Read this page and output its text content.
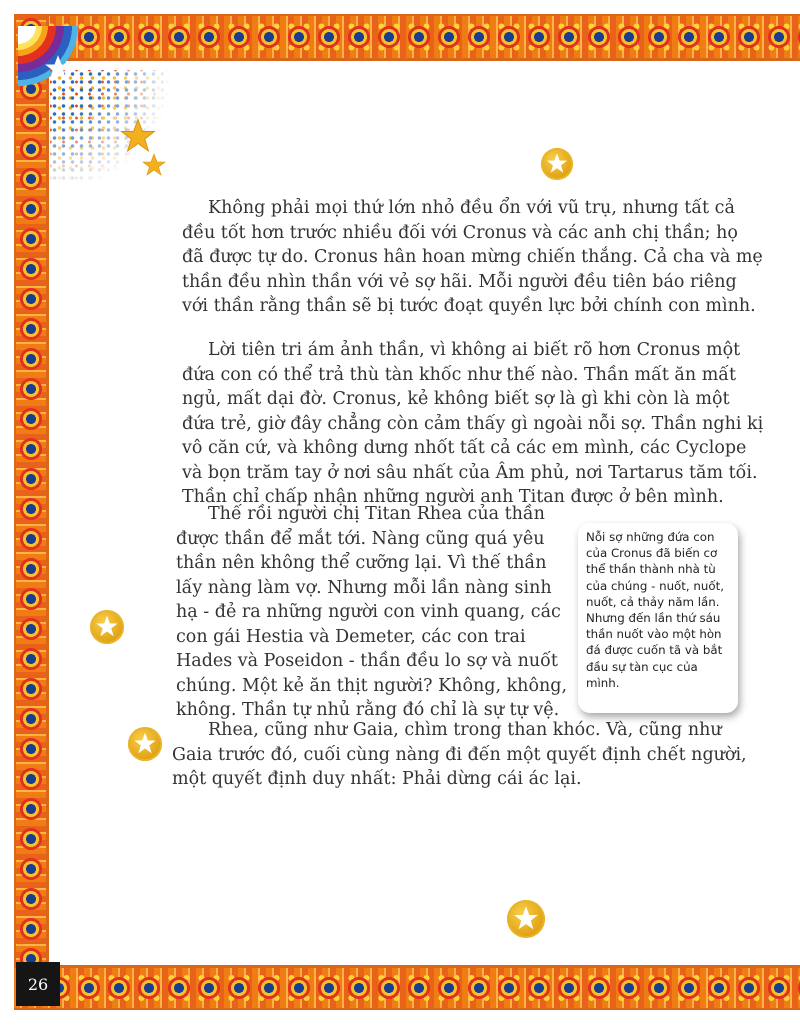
Không phải mọi thứ lớn nhỏ đều ổn với vũ trụ, nhưng tất cả đều tốt hơn trước nhiều đối với Cronus và các anh chị thần; họ đã được tự do. Cronus hân hoan mừng chiến thắng. Cả cha và mẹ thần đều nhìn thần với vẻ sợ hãi. Mỗi người đều tiên báo riêng với thần rằng thần sẽ bị tước đoạt quyền lực bởi chính con mình.

Lời tiên tri ám ảnh thần, vì không ai biết rõ hơn Cronus một đứa con có thể trả thù tàn khốc như thế nào. Thần mất ăn mất ngủ, mất dại đờ. Cronus, kẻ không biết sợ là gì khi còn là một đứa trẻ, giờ đây chẳng còn cảm thấy gì ngoài nỗi sợ. Thần nghi kị vô căn cứ, và không dưng nhốt tất cả các em mình, các Cyclope và bọn trăm tay ở nơi sâu nhất của Âm phủ, nơi Tartarus tăm tối. Thần chỉ chấp nhận những người anh Titan được ở bên mình.

Thế rồi người chị Titan Rhea của thần được thần để mắt tới. Nàng cũng quá yêu thần nên không thể cưỡng lại. Vì thế thần lấy nàng làm vợ. Nhưng mỗi lần nàng sinh hạ - đẻ ra những người con vinh quang, các con gái Hestia và Demeter, các con trai Hades và Poseidon - thần đều lo sợ và nuốt chúng. Một kẻ ăn thịt người? Không, không, không. Thần tự nhủ rằng đó chỉ là sự tự vệ.

Rhea, cũng như Gaia, chìm trong than khóc. Và, cũng như Gaia trước đó, cuối cùng nàng đi đến một quyết định chết người, một quyết định duy nhất: Phải dừng cái ác lại.

Nỗi sợ những đứa con của Cronus đã biến cơ thể thần thành nhà tù của chúng - nuốt, nuốt, nuốt, cả thảy năm lần. Nhưng đến lần thứ sáu thần nuốt vào một hòn đá được cuốn tã và bắt đầu sự tàn cục của mình.
26
